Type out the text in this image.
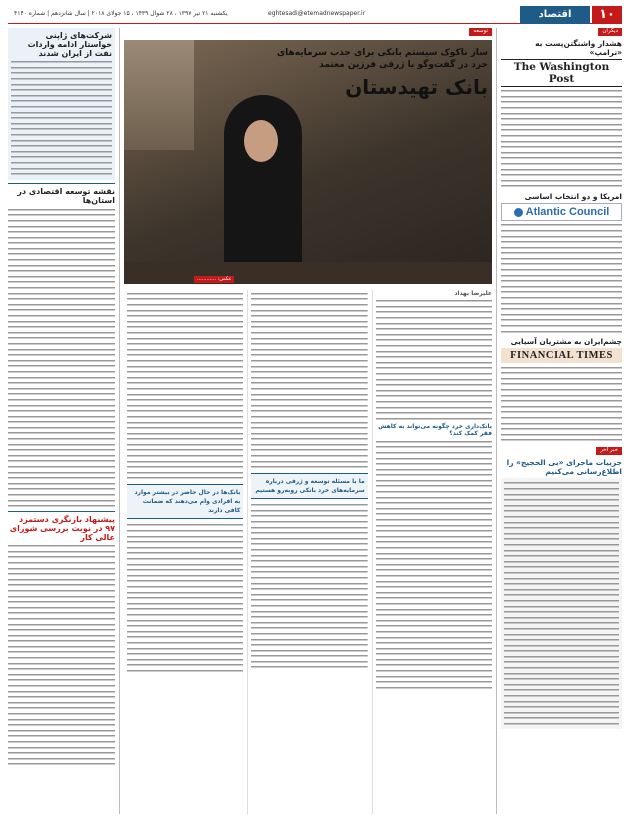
۱۰
اقتصاد
eghtesadi@etemadnewspaper.ir
یکشنبه ۲۱ تیر ۱۳۹۷ ، ۲۸ شوال ۱۴۳۹ ، ۱۵ جولای ۲۰۱۸ | سال شانزدهم | شماره ۴۱۴۰
دیگران
هشدار واشنگتن‌پست به «ترامپ»
The Washington Post
امریکا و دو انتخاب اساسی
Atlantic Council
چشم‌ایران به مشتریان آسیایی
FINANCIAL TIMES
خبر آخر
جزییات ماجرای «بی الحجیج» را اطلاع‌رسانی می‌کنیم
توسعه
ساز ناکوک سیستم بانکی برای جذب سرمایه‌های خرد در گفت‌وگو با ژرفی فرزین معتمد
بانک تهیدستان
عکس: ............
علیرضا بهداد
بانک‌داری خرد چگونه می‌تواند به کاهش فقر کمک کند؟
ما با مسئله توسعه و ژرفی درباره سرمایه‌های خرد بانکی روبه‌رو هستیم
بانک‌ها در حال حاضر در بیشتر موارد به افرادی وام می‌دهند که ضمانت کافی دارند
شرکت‌های ژاپنی خواستار ادامه واردات نفت از ایران شدند
نقشه توسعه اقتصادی در استان‌ها
پیشنهاد بازنگری دستمزد ۹۷ در نوبت بررسی شورای عالی کار
